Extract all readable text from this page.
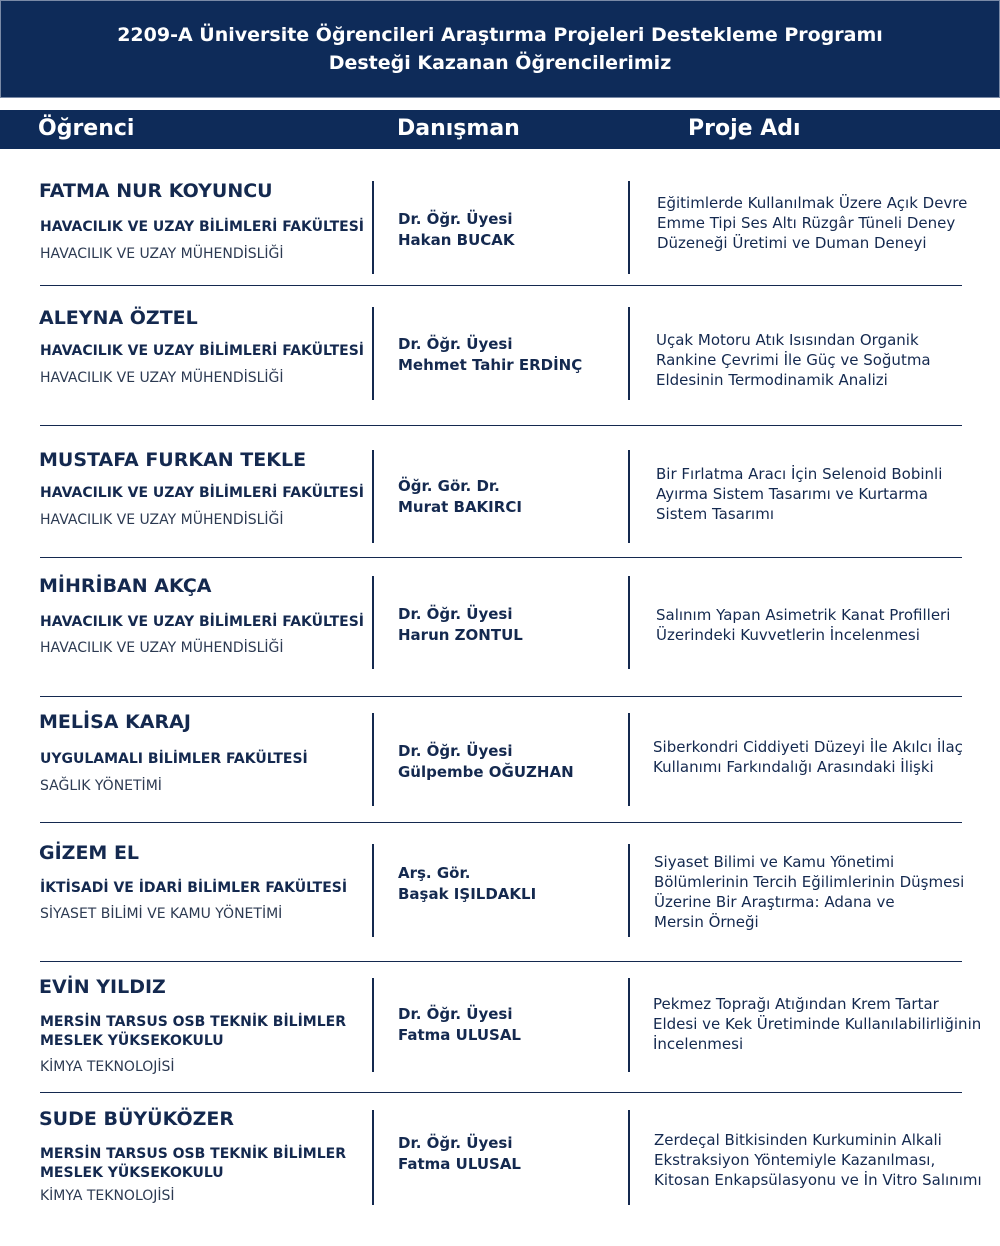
2209-A Üniversite Öğrencileri Araştırma Projeleri Destekleme Programı
Desteği Kazanan Öğrencilerimiz
Öğrenci	Danışman	Proje Adı
FATMA NUR KOYUNCU
HAVACILIK VE UZAY BİLİMLERİ FAKÜLTESİ
HAVACILIK VE UZAY MÜHENDİSLİĞİ
Dr. Öğr. Üyesi
Hakan BUCAK
Eğitimlerde Kullanılmak Üzere Açık Devre
Emme Tipi Ses Altı Rüzgâr Tüneli Deney
Düzeneği Üretimi ve Duman Deneyi
ALEYNA ÖZTEL
HAVACILIK VE UZAY BİLİMLERİ FAKÜLTESİ
HAVACILIK VE UZAY MÜHENDİSLİĞİ
Dr. Öğr. Üyesi
Mehmet Tahir ERDİNÇ
Uçak Motoru Atık Isısından Organik
Rankine Çevrimi İle Güç ve Soğutma
Eldesinin Termodinamik Analizi
MUSTAFA FURKAN TEKLE
HAVACILIK VE UZAY BİLİMLERİ FAKÜLTESİ
HAVACILIK VE UZAY MÜHENDİSLİĞİ
Öğr. Gör. Dr.
Murat BAKIRCI
Bir Fırlatma Aracı İçin Selenoid Bobinli
Ayırma Sistem Tasarımı ve Kurtarma
Sistem Tasarımı
MİHRİBAN AKÇA
HAVACILIK VE UZAY BİLİMLERİ FAKÜLTESİ
HAVACILIK VE UZAY MÜHENDİSLİĞİ
Dr. Öğr. Üyesi
Harun ZONTUL
Salınım Yapan Asimetrik Kanat Profilleri
Üzerindeki Kuvvetlerin İncelenmesi
MELİSA KARAJ
UYGULAMALI BİLİMLER FAKÜLTESİ
SAĞLIK YÖNETİMİ
Dr. Öğr. Üyesi
Gülpembe OĞUZHAN
Siberkondri Ciddiyeti Düzeyi İle Akılcı İlaç
Kullanımı Farkındalığı Arasındaki İlişki
GİZEM EL
İKTİSADİ VE İDARİ BİLİMLER FAKÜLTESİ
SİYASET BİLİMİ VE KAMU YÖNETİMİ
Arş. Gör.
Başak IŞILDAKLI
Siyaset Bilimi ve Kamu Yönetimi
Bölümlerinin Tercih Eğilimlerinin Düşmesi
Üzerine Bir Araştırma: Adana ve
Mersin Örneği
EVİN YILDIZ
MERSİN TARSUS OSB TEKNİK BİLİMLER
MESLEK YÜKSEKOKULU
KİMYA TEKNOLOJİSİ
Dr. Öğr. Üyesi
Fatma ULUSAL
Pekmez Toprağı Atığından Krem Tartar
Eldesi ve Kek Üretiminde Kullanılabilirliğinin
İncelenmesi
SUDE BÜYÜKÖZER
MERSİN TARSUS OSB TEKNİK BİLİMLER
MESLEK YÜKSEKOKULU
KİMYA TEKNOLOJİSİ
Dr. Öğr. Üyesi
Fatma ULUSAL
Zerdeçal Bitkisinden Kurkuminin Alkali
Ekstraksiyon Yöntemiyle Kazanılması,
Kitosan Enkapsülasyonu ve İn Vitro Salınımı
